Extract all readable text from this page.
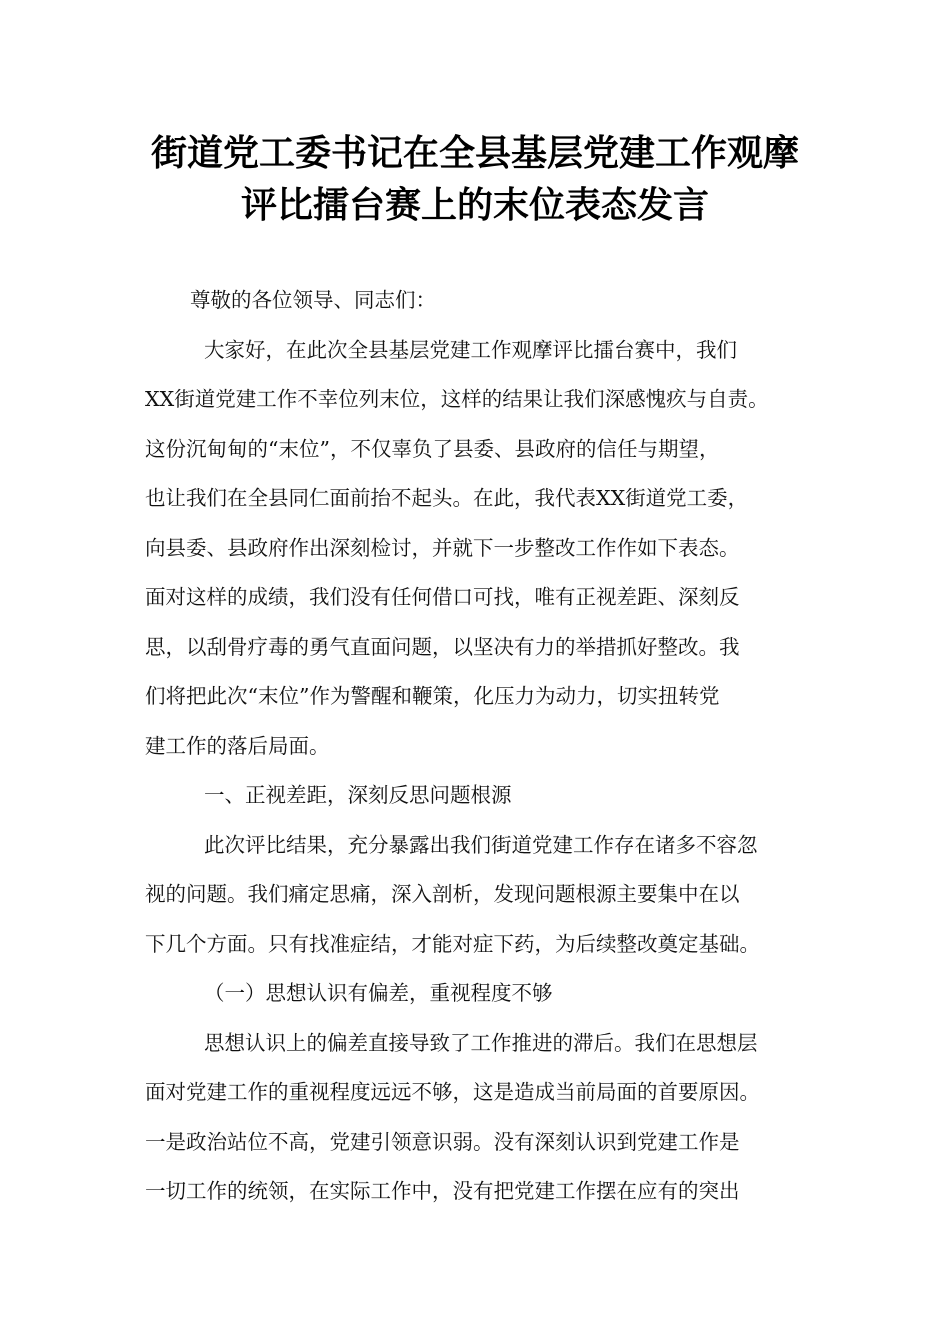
街道党工委书记在全县基层党建工作观摩
评比擂台赛上的末位表态发言
尊敬的各位领导、同志们：
大家好，在此次全县基层党建工作观摩评比擂台赛中，我们
XX街道党建工作不幸位列末位，这样的结果让我们深感愧疚与自责。
这份沉甸甸的“末位”，不仅辜负了县委、县政府的信任与期望，
也让我们在全县同仁面前抬不起头。在此，我代表XX街道党工委，
向县委、县政府作出深刻检讨，并就下一步整改工作作如下表态。
面对这样的成绩，我们没有任何借口可找，唯有正视差距、深刻反
思，以刮骨疗毒的勇气直面问题，以坚决有力的举措抓好整改。我
们将把此次“末位”作为警醒和鞭策，化压力为动力，切实扭转党
建工作的落后局面。
一、正视差距，深刻反思问题根源
此次评比结果，充分暴露出我们街道党建工作存在诸多不容忽
视的问题。我们痛定思痛，深入剖析，发现问题根源主要集中在以
下几个方面。只有找准症结，才能对症下药，为后续整改奠定基础。
（一）思想认识有偏差，重视程度不够
思想认识上的偏差直接导致了工作推进的滞后。我们在思想层
面对党建工作的重视程度远远不够，这是造成当前局面的首要原因。
一是政治站位不高，党建引领意识弱。没有深刻认识到党建工作是
一切工作的统领，在实际工作中，没有把党建工作摆在应有的突出
